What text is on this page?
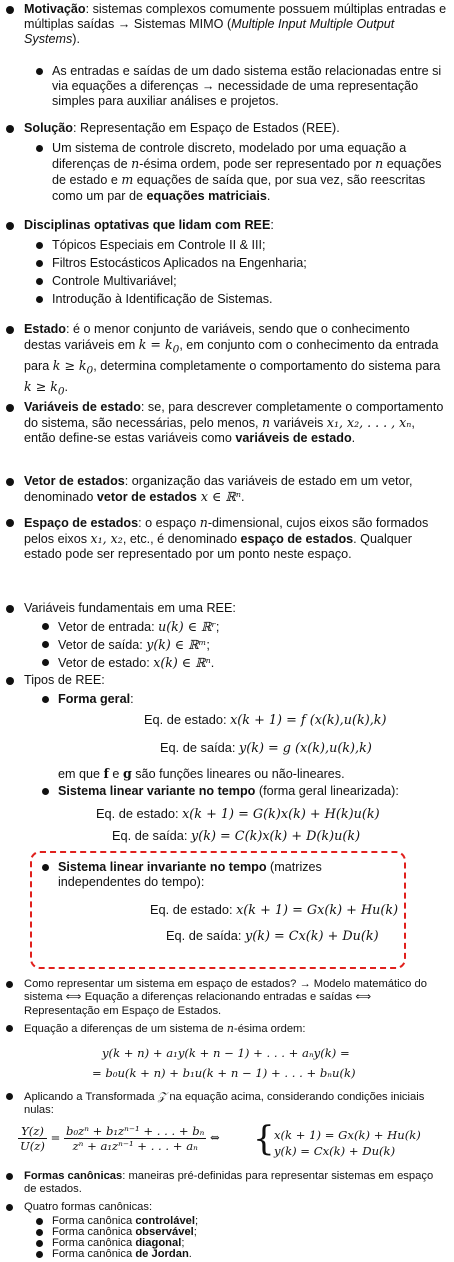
Motivação: sistemas complexos comumente possuem múltiplas entradas e múltiplas saídas → Sistemas MIMO (Multiple Input Multiple Output Systems).
As entradas e saídas de um dado sistema estão relacionadas entre si via equações a diferenças → necessidade de uma representação simples para auxiliar análises e projetos.
Solução: Representação em Espaço de Estados (REE).
Um sistema de controle discreto, modelado por uma equação a diferenças de n-ésima ordem, pode ser representado por n equações de estado e m equações de saída que, por sua vez, são reescritas como um par de equações matriciais.
Disciplinas optativas que lidam com REE:
Tópicos Especiais em Controle II & III;
Filtros Estocásticos Aplicados na Engenharia;
Controle Multivariável;
Introdução à Identificação de Sistemas.
Estado: é o menor conjunto de variáveis, sendo que o conhecimento destas variáveis em $k = k_0$, em conjunto com o conhecimento da entrada para $k \ge k_0$, determina completamente o comportamento do sistema para $k \ge k_0$.
Variáveis de estado: se, para descrever completamente o comportamento do sistema, são necessárias, pelo menos, n variáveis x₁, x₂, . . . , xₙ, então define-se estas variáveis como variáveis de estado.
Vetor de estados: organização das variáveis de estado em um vetor, denominado vetor de estados x ∈ ℝⁿ.
Espaço de estados: o espaço n-dimensional, cujos eixos são formados pelos eixos x₁, x₂, etc., é denominado espaço de estados. Qualquer estado pode ser representado por um ponto neste espaço.
Variáveis fundamentais em uma REE:
Vetor de entrada: u(k) ∈ ℝʳ;
Vetor de saída: y(k) ∈ ℝᵐ;
Vetor de estado: x(k) ∈ ℝⁿ.
Tipos de REE:
Forma geral:
Eq. de estado: x(k + 1) = f (x(k),u(k),k)
Eq. de saída: y(k) = g (x(k),u(k),k)
em que f e g são funções lineares ou não-lineares.
Sistema linear variante no tempo (forma geral linearizada):
Eq. de estado: x(k + 1) = G(k)x(k) + H(k)u(k)
Eq. de saída: y(k) = C(k)x(k) + D(k)u(k)
Sistema linear invariante no tempo (matrizes independentes do tempo):
Eq. de estado: x(k + 1) = Gx(k) + Hu(k)
Eq. de saída: y(k) = Cx(k) + Du(k)
Como representar um sistema em espaço de estados? → Modelo matemático do sistema ⟺ Equação a diferenças relacionando entradas e saídas ⟺ Representação em Espaço de Estados.
Equação a diferenças de um sistema de n-ésima ordem:
y(k + n) + a₁y(k + n − 1) + . . . + aₙy(k) =
= b₀u(k + n) + b₁u(k + n − 1) + . . . + bₙu(k)
Aplicando a Transformada 𝒵 na equação acima, considerando condições iniciais nulas:
$\frac{Y(z)}{U(z)} = \frac{\text{b₀zⁿ + b₁zⁿ⁻¹ + . . . + bₙ}}{\text{zⁿ + a₁zⁿ⁻¹ + . . . + aₙ}}$ ⇔ { x(k + 1) = Gx(k) + Hu(k)
y(k) = Cx(k) + Du(k)
Formas canônicas: maneiras pré-definidas para representar sistemas em espaço de estados.
Quatro formas canônicas:
Forma canônica controlável;
Forma canônica observável;
Forma canônica diagonal;
Forma canônica de Jordan.
